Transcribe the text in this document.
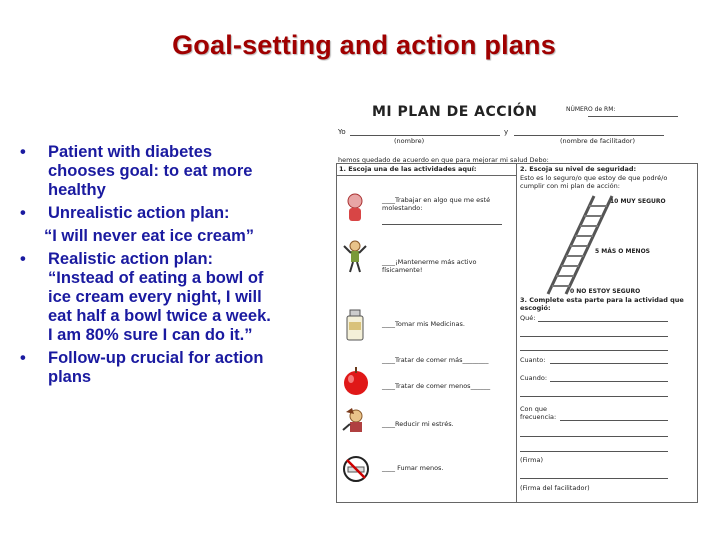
Goal-setting and action plans
• Patient with diabetes
chooses goal: to eat more
healthy
• Unrealistic action plan:
“I will never eat ice cream”
• Realistic action plan:
“Instead of eating a bowl of
ice cream every night, I will
eat half a bowl twice a week.
I am 80% sure I can do it.”
• Follow-up crucial for action
plans
MI PLAN DE ACCIÓN	NÚMERO de RM:
Yo	y
(nombre)	(nombre de facilitador)
hemos quedado de acuerdo en que para mejorar mi salud Debo:
1. Escoja una de las actividades aquí:	2. Escoja su nivel de seguridad:
Esto es lo seguro/o que estoy de que podré/o cumplir con mi plan de acción:
____Trabajar en algo que me esté molestando:
____¡Mantenerme más activo físicamente!
____Tomar mis Medicinas.
____Tratar de comer más________
____Tratar de comer menos______
____Reducir mi estrés.
____ Fumar menos.
10 MUY SEGURO
5 MÁS O MENOS
0 NO ESTOY SEGURO
3. Complete esta parte para la actividad que escogió:
Qué:
Cuanto:
Cuando:
Con que
frecuencia:
(Firma)
(Firma del facilitador)
